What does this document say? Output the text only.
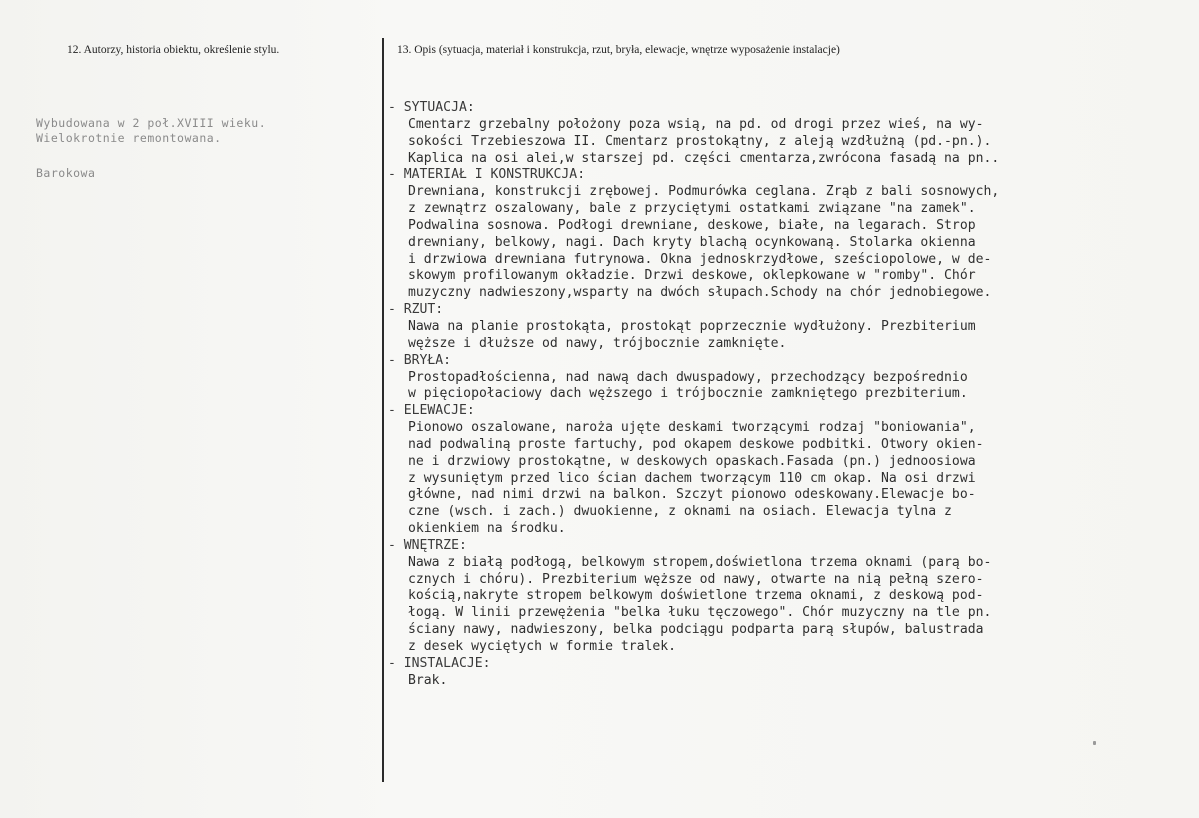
12. Autorzy, historia obiektu, określenie stylu.	13. Opis (sytuacja, materiał i konstrukcja, rzut, bryła, elewacje, wnętrze wyposażenie instalacje)
Wybudowana w 2 poł.XVIII wieku.
Wielokrotnie remontowana.
Barokowa
- SYTUACJA:
Cmentarz grzebalny położony poza wsią, na pd. od drogi przez wieś, na wy-
sokości Trzebieszowa II. Cmentarz prostokątny, z aleją wzdłużną (pd.-pn.).
Kaplica na osi alei,w starszej pd. części cmentarza,zwrócona fasadą na pn..
- MATERIAŁ I KONSTRUKCJA:
Drewniana, konstrukcji zrębowej. Podmurówka ceglana. Zrąb z bali sosnowych,
z zewnątrz oszalowany, bale z przyciętymi ostatkami związane "na zamek".
Podwalina sosnowa. Podłogi drewniane, deskowe, białe, na legarach. Strop
drewniany, belkowy, nagi. Dach kryty blachą ocynkowaną. Stolarka okienna
i drzwiowa drewniana futrynowa. Okna jednoskrzydłowe, sześciopolowe, w de-
skowym profilowanym okładzie. Drzwi deskowe, oklepkowane w "romby". Chór
muzyczny nadwieszony,wsparty na dwóch słupach.Schody na chór jednobiegowe.
- RZUT:
Nawa na planie prostokąta, prostokąt poprzecznie wydłużony. Prezbiterium
węższe i dłuższe od nawy, trójbocznie zamknięte.
- BRYŁA:
Prostopadłościenna, nad nawą dach dwuspadowy, przechodzący bezpośrednio
w pięciopołaciowy dach węższego i trójbocznie zamkniętego prezbiterium.
- ELEWACJE:
Pionowo oszalowane, naroża ujęte deskami tworzącymi rodzaj "boniowania",
nad podwaliną proste fartuchy, pod okapem deskowe podbitki. Otwory okien-
ne i drzwiowy prostokątne, w deskowych opaskach.Fasada (pn.) jednoosiowa
z wysuniętym przed lico ścian dachem tworzącym 110 cm okap. Na osi drzwi
główne, nad nimi drzwi na balkon. Szczyt pionowo odeskowany.Elewacje bo-
czne (wsch. i zach.) dwuokienne, z oknami na osiach. Elewacja tylna z
okienkiem na środku.
- WNĘTRZE:
Nawa z białą podłogą, belkowym stropem,doświetlona trzema oknami (parą bo-
cznych i chóru). Prezbiterium węższe od nawy, otwarte na nią pełną szero-
kością,nakryte stropem belkowym doświetlone trzema oknami, z deskową pod-
łogą. W linii przewężenia "belka łuku tęczowego". Chór muzyczny na tle pn.
ściany nawy, nadwieszony, belka podciągu podparta parą słupów, balustrada
z desek wyciętych w formie tralek.
- INSTALACJE:
Brak.
